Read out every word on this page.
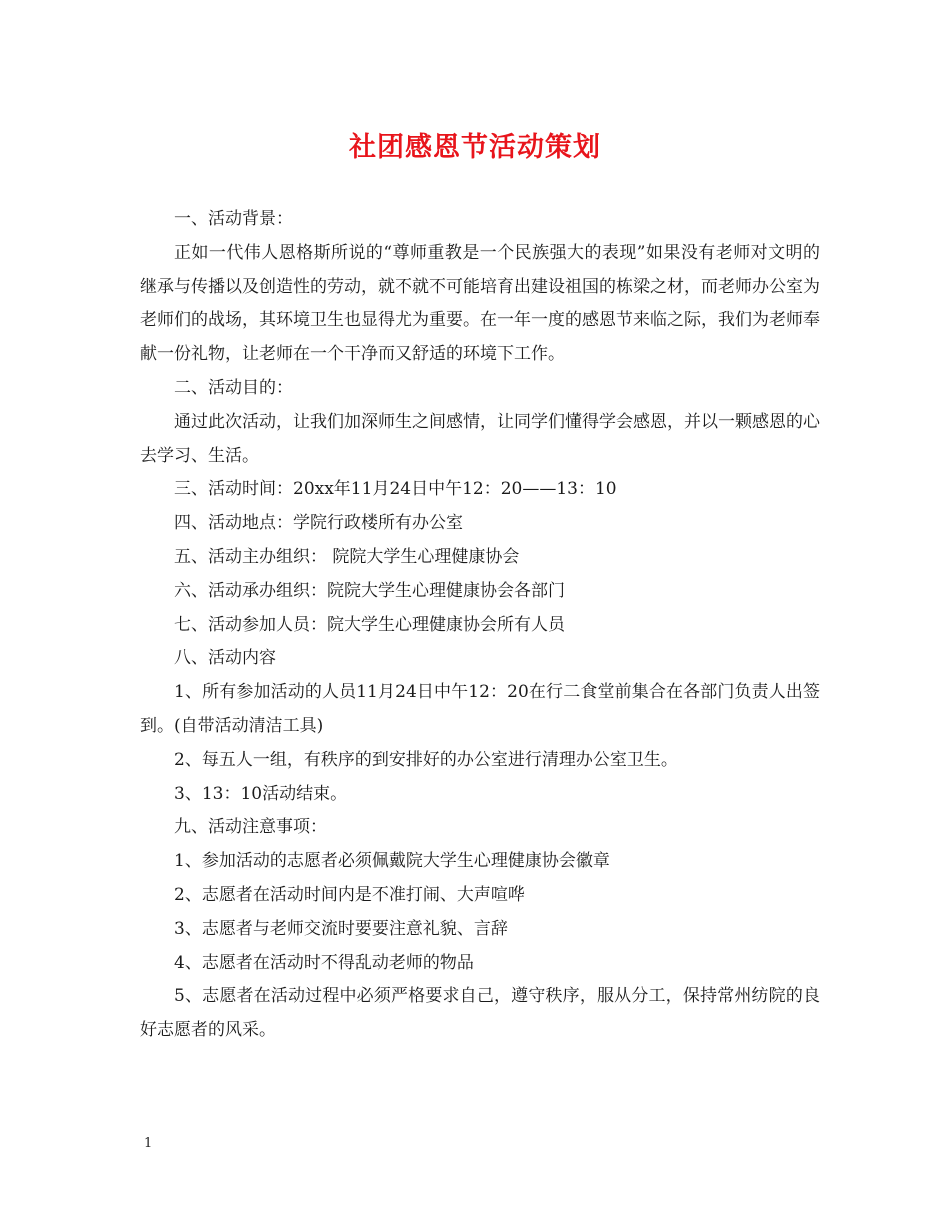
社团感恩节活动策划

一、活动背景：

正如一代伟人恩格斯所说的“尊师重教是一个民族强大的表现”如果没有老师对文明的继承与传播以及创造性的劳动，就不就不可能培育出建设祖国的栋梁之材，而老师办公室为老师们的战场，其环境卫生也显得尤为重要。在一年一度的感恩节来临之际，我们为老师奉献一份礼物，让老师在一个干净而又舒适的环境下工作。

二、活动目的：

通过此次活动，让我们加深师生之间感情，让同学们懂得学会感恩，并以一颗感恩的心去学习、生活。

三、活动时间：20xx年11月24日中午12：20——13：10

四、活动地点：学院行政楼所有办公室

五、活动主办组织： 院院大学生心理健康协会

六、活动承办组织：院院大学生心理健康协会各部门

七、活动参加人员：院大学生心理健康协会所有人员

八、活动内容

1、所有参加活动的人员11月24日中午12：20在行二食堂前集合在各部门负责人出签到。(自带活动清洁工具)

2、每五人一组，有秩序的到安排好的办公室进行清理办公室卫生。

3、13：10活动结束。

九、活动注意事项：

1、参加活动的志愿者必须佩戴院大学生心理健康协会徽章

2、志愿者在活动时间内是不准打闹、大声喧哗

3、志愿者与老师交流时要要注意礼貌、言辞

4、志愿者在活动时不得乱动老师的物品

5、志愿者在活动过程中必须严格要求自己，遵守秩序，服从分工，保持常州纺院的良好志愿者的风采。

1
